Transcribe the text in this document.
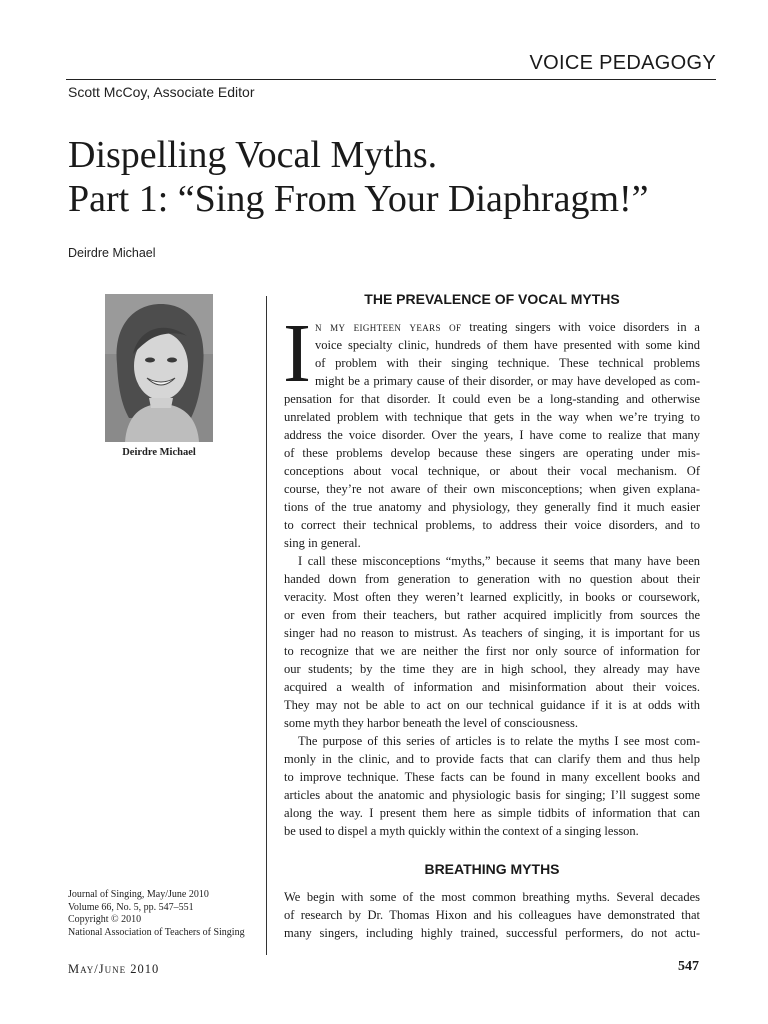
VOICE PEDAGOGY
Scott McCoy, Associate Editor
Dispelling Vocal Myths.
Part 1: “Sing From Your Diaphragm!”
Deirdre Michael
Deirdre Michael
THE PREVALENCE OF VOCAL MYTHS
I n my eighteen years of treating singers with voice disorders in a
voice specialty clinic, hundreds of them have presented with some kind
of problem with their singing technique. These technical problems
might be a primary cause of their disorder, or may have developed as com-
pensation for that disorder. It could even be a long-standing and otherwise
unrelated problem with technique that gets in the way when we’re trying to
address the voice disorder. Over the years, I have come to realize that many
of these problems develop because these singers are operating under mis-
conceptions about vocal technique, or about their vocal mechanism. Of
course, they’re not aware of their own misconceptions; when given explana-
tions of the true anatomy and physiology, they generally find it much easier
to correct their technical problems, to address their voice disorders, and to
sing in general.
I call these misconceptions “myths,” because it seems that many have been
handed down from generation to generation with no question about their
veracity. Most often they weren’t learned explicitly, in books or coursework,
or even from their teachers, but rather acquired implicitly from sources the
singer had no reason to mistrust. As teachers of singing, it is important for us
to recognize that we are neither the first nor only source of information for
our students; by the time they are in high school, they already may have
acquired a wealth of information and misinformation about their voices.
They may not be able to act on our technical guidance if it is at odds with
some myth they harbor beneath the level of consciousness.
The purpose of this series of articles is to relate the myths I see most com-
monly in the clinic, and to provide facts that can clarify them and thus help
to improve technique. These facts can be found in many excellent books and
articles about the anatomic and physiologic basis for singing; I’ll suggest some
along the way. I present them here as simple tidbits of information that can
be used to dispel a myth quickly within the context of a singing lesson.
BREATHING MYTHS
We begin with some of the most common breathing myths. Several decades
of research by Dr. Thomas Hixon and his colleagues have demonstrated that
many singers, including highly trained, successful performers, do not actu-
Journal of Singing, May/June 2010
Volume 66, No. 5, pp. 547–551
Copyright © 2010
National Association of Teachers of Singing
May/June 2010	547
